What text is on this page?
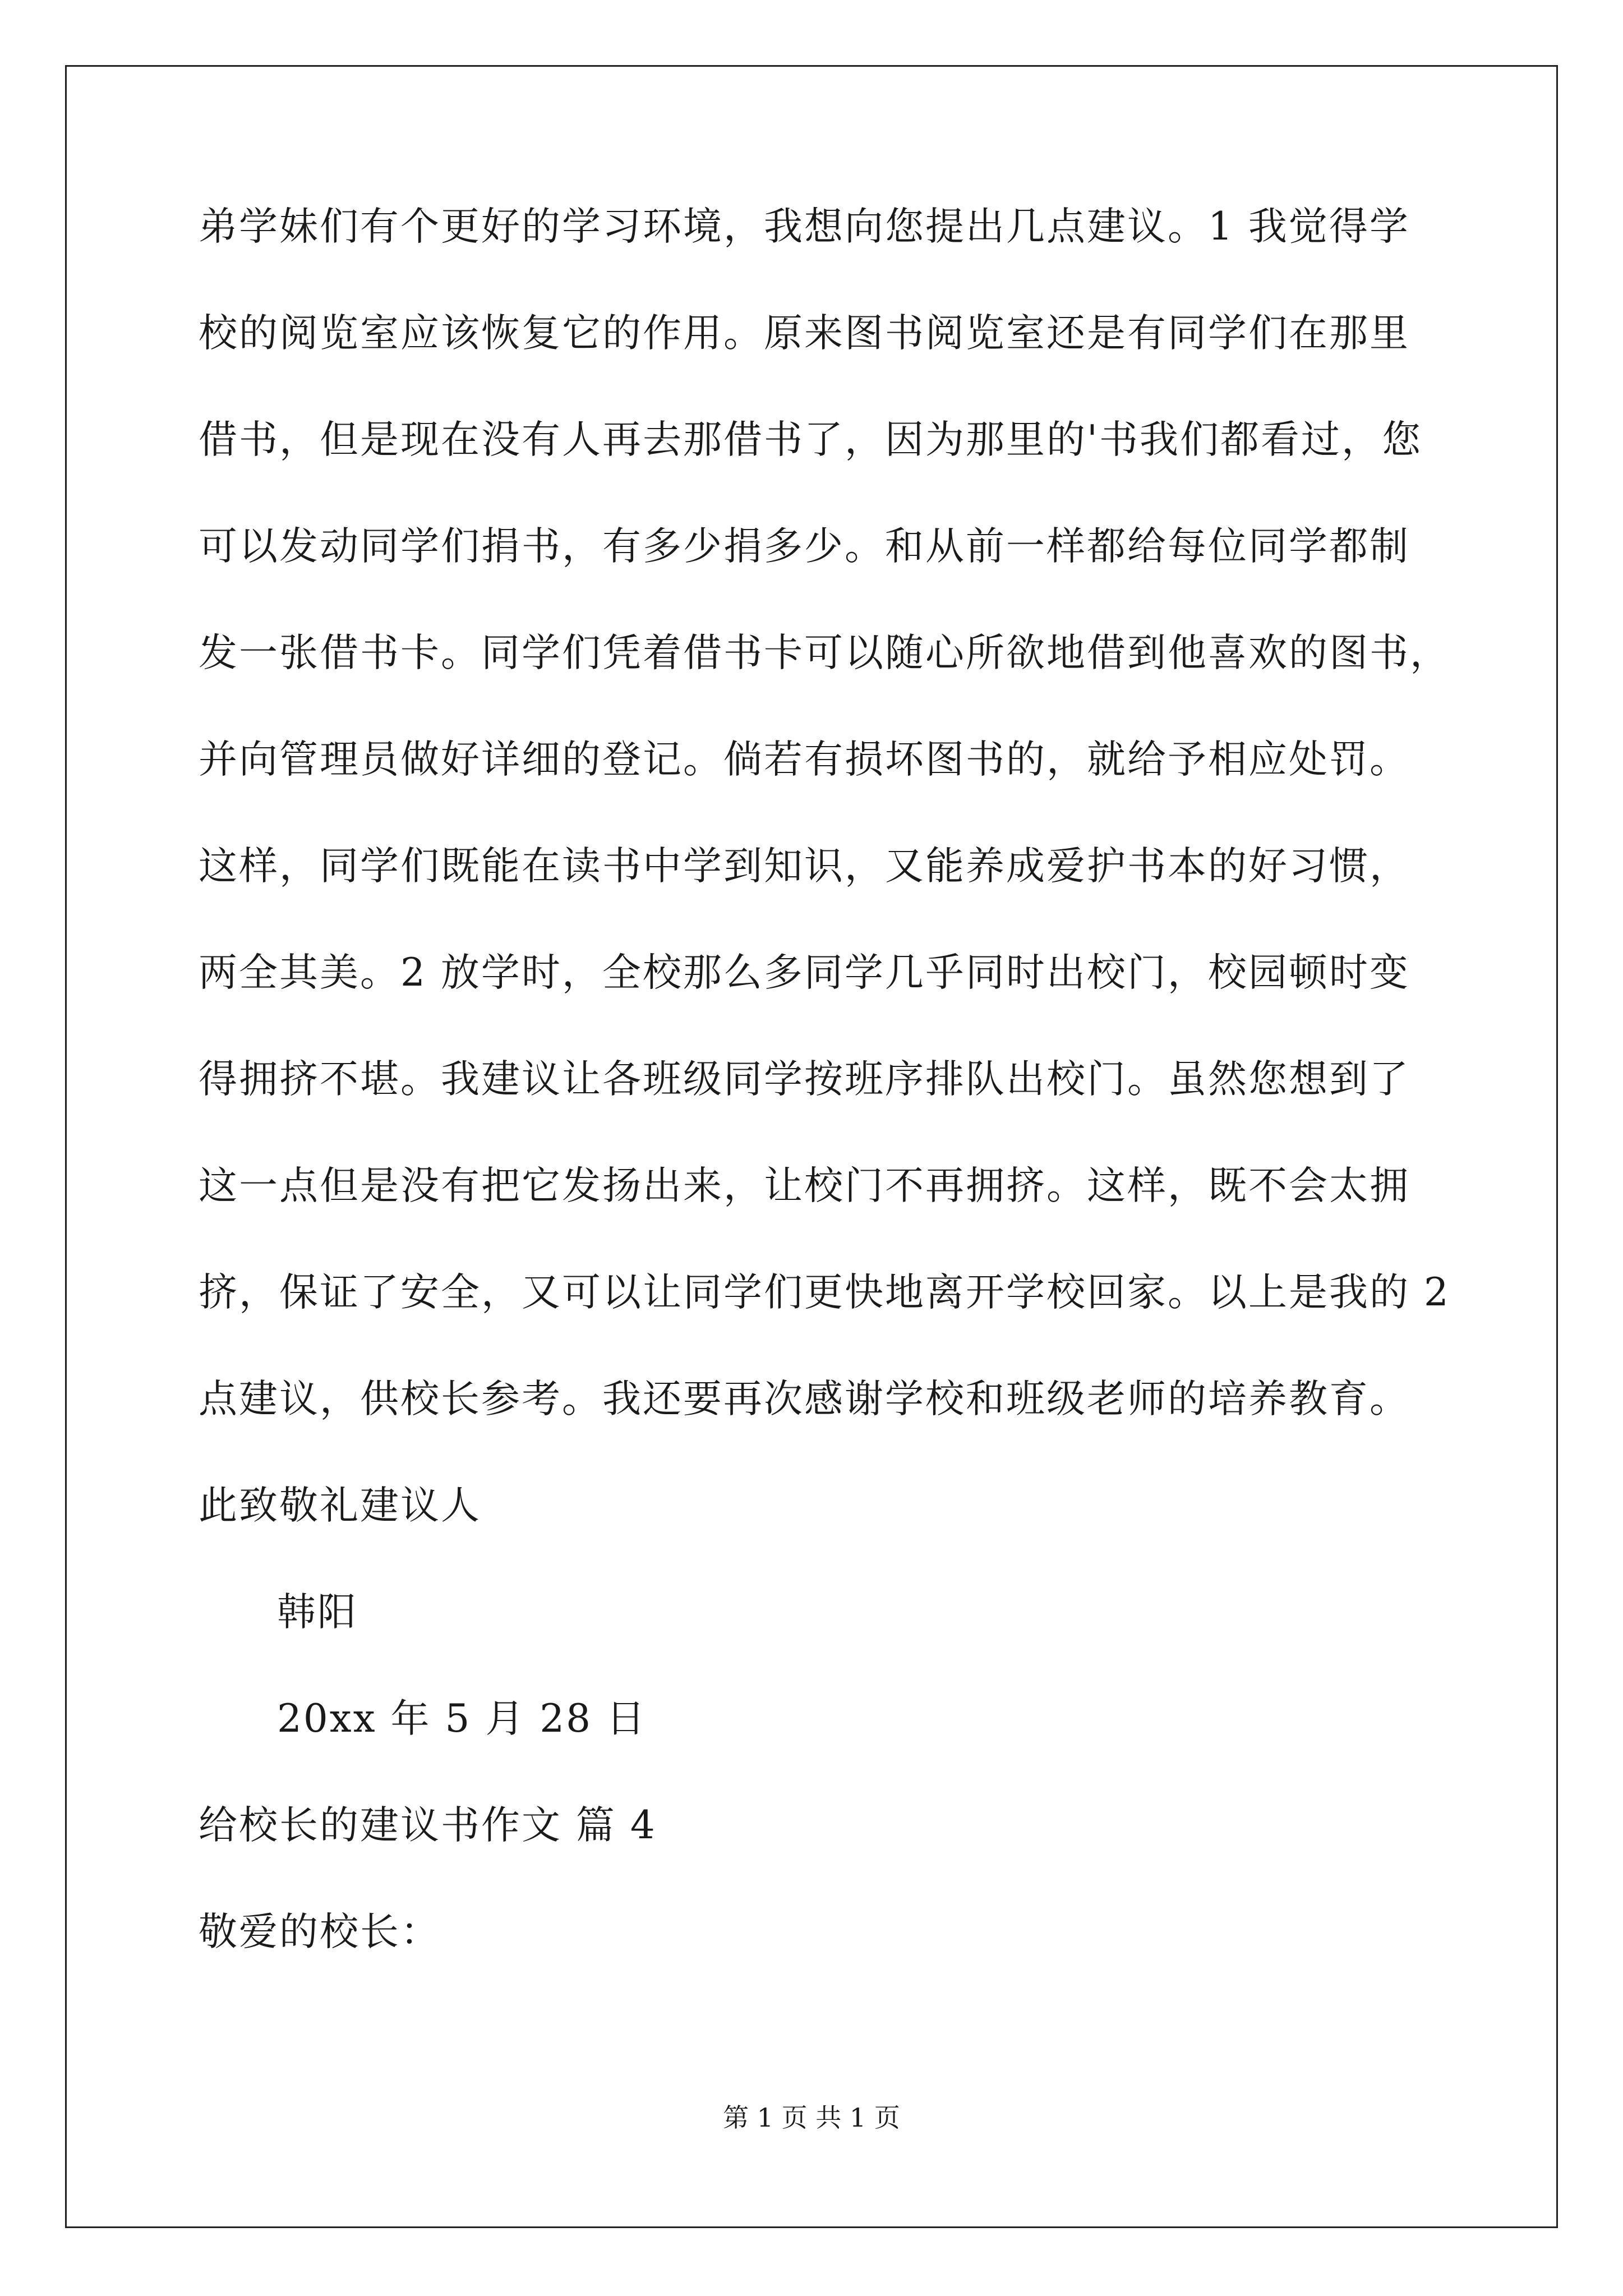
弟学妹们有个更好的学习环境，我想向您提出几点建议。1 我觉得学
校的阅览室应该恢复它的作用。原来图书阅览室还是有同学们在那里
借书，但是现在没有人再去那借书了，因为那里的'书我们都看过，您
可以发动同学们捐书，有多少捐多少。和从前一样都给每位同学都制
发一张借书卡。同学们凭着借书卡可以随心所欲地借到他喜欢的图书，
并向管理员做好详细的登记。倘若有损坏图书的，就给予相应处罚。
这样，同学们既能在读书中学到知识，又能养成爱护书本的好习惯，
两全其美。2 放学时，全校那么多同学几乎同时出校门，校园顿时变
得拥挤不堪。我建议让各班级同学按班序排队出校门。虽然您想到了
这一点但是没有把它发扬出来，让校门不再拥挤。这样，既不会太拥
挤，保证了安全，又可以让同学们更快地离开学校回家。以上是我的 2
点建议，供校长参考。我还要再次感谢学校和班级老师的培养教育。
此致敬礼建议人
韩阳
20xx 年 5 月 28 日
给校长的建议书作文 篇 4
敬爱的校长：
第 1 页 共 1 页
